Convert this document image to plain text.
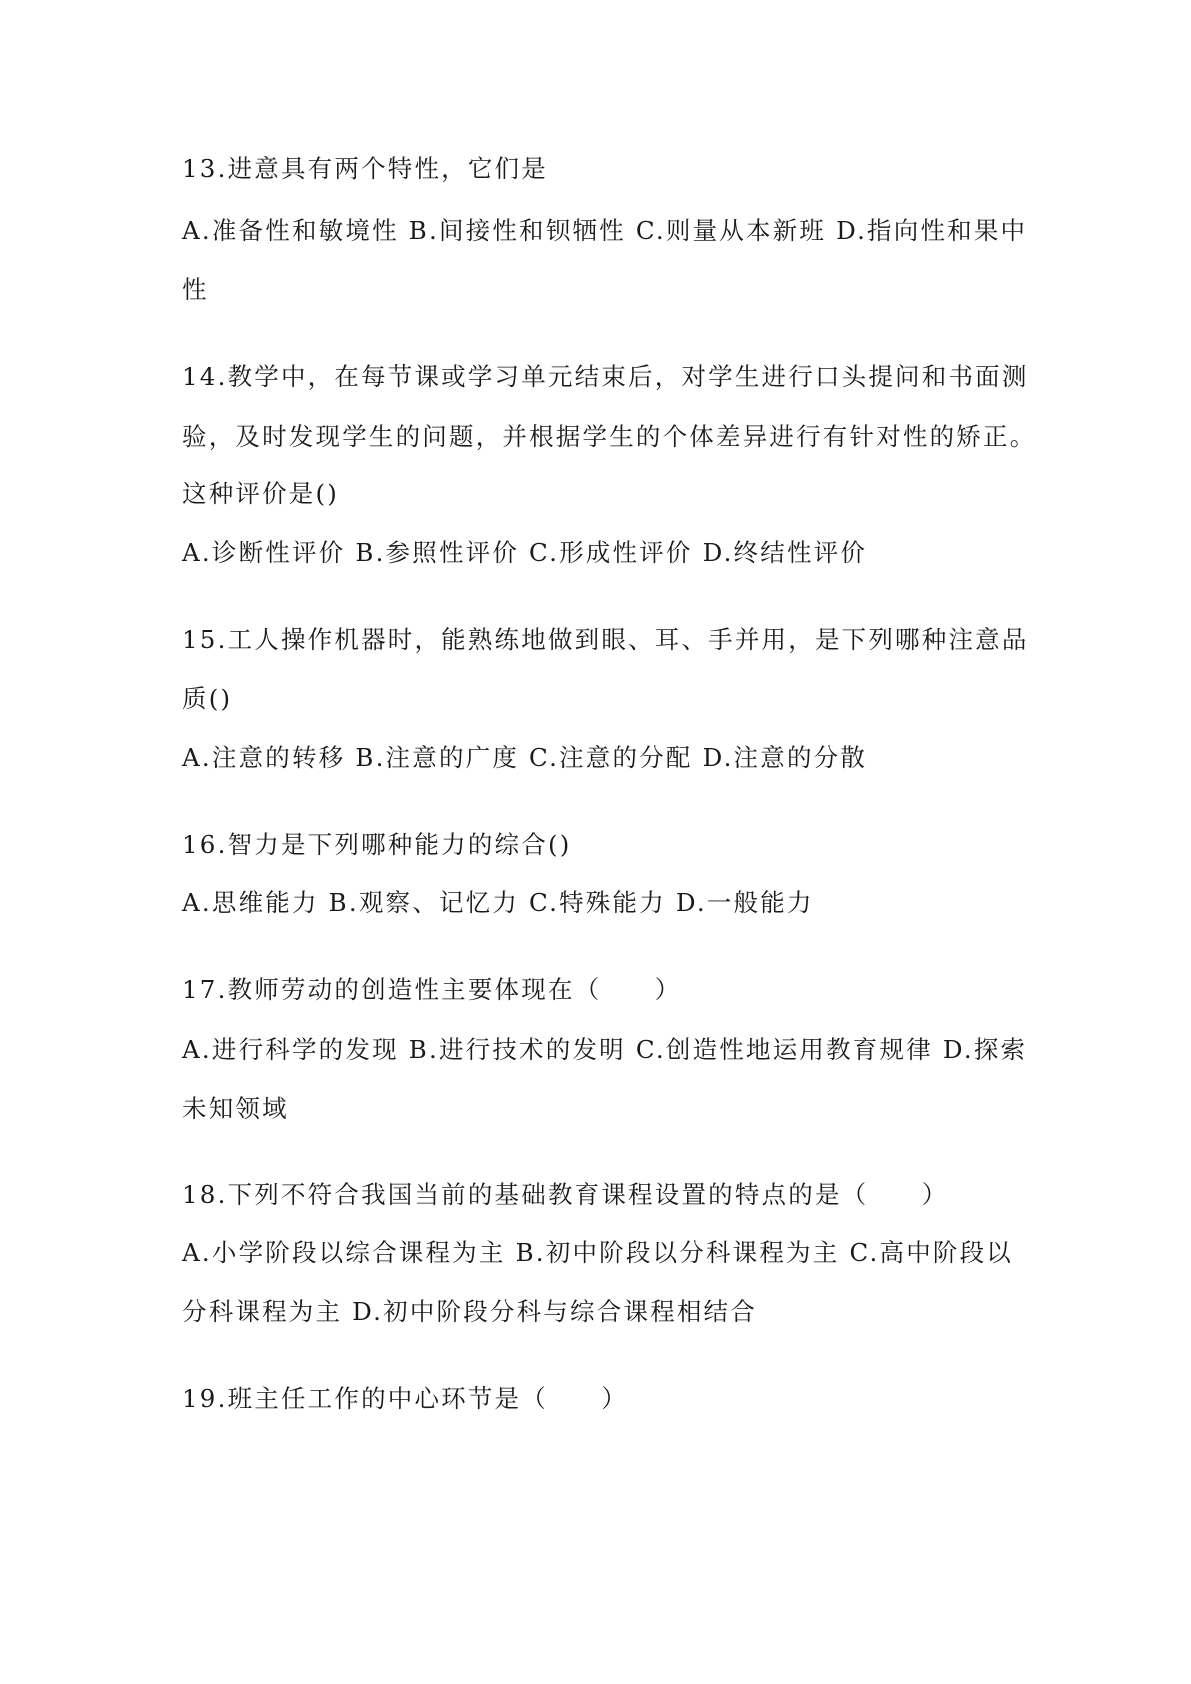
13.进意具有两个特性，它们是
A.准备性和敏境性 B.间接性和钡牺性 C.则量从本新班 D.指向性和果中
性
14.教学中，在每节课或学习单元结束后，对学生进行口头提问和书面测
验，及时发现学生的问题，并根据学生的个体差异进行有针对性的矫正。
这种评价是()
A.诊断性评价 B.参照性评价 C.形成性评价 D.终结性评价
15.工人操作机器时，能熟练地做到眼、耳、手并用，是下列哪种注意品
质()
A.注意的转移 B.注意的广度 C.注意的分配 D.注意的分散
16.智力是下列哪种能力的综合()
A.思维能力 B.观察、记忆力 C.特殊能力 D.一般能力
17.教师劳动的创造性主要体现在（　　）
A.进行科学的发现 B.进行技术的发明 C.创造性地运用教育规律 D.探索
未知领域
18.下列不符合我国当前的基础教育课程设置的特点的是（　　）
A.小学阶段以综合课程为主 B.初中阶段以分科课程为主 C.高中阶段以
分科课程为主 D.初中阶段分科与综合课程相结合
19.班主任工作的中心环节是（　　）
